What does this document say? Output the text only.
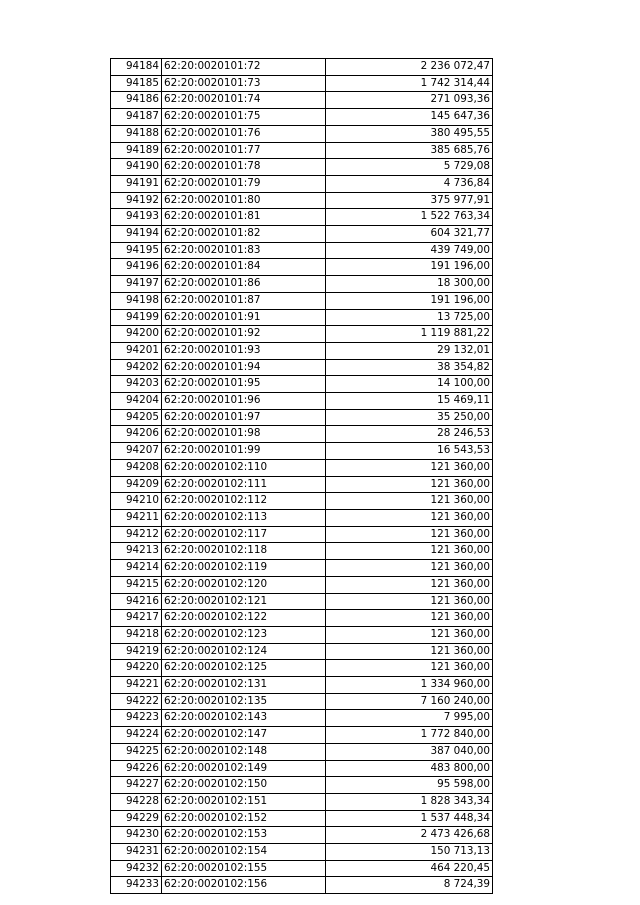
94184	62:20:0020101:72	2 236 072,47
94185	62:20:0020101:73	1 742 314,44
94186	62:20:0020101:74	271 093,36
94187	62:20:0020101:75	145 647,36
94188	62:20:0020101:76	380 495,55
94189	62:20:0020101:77	385 685,76
94190	62:20:0020101:78	5 729,08
94191	62:20:0020101:79	4 736,84
94192	62:20:0020101:80	375 977,91
94193	62:20:0020101:81	1 522 763,34
94194	62:20:0020101:82	604 321,77
94195	62:20:0020101:83	439 749,00
94196	62:20:0020101:84	191 196,00
94197	62:20:0020101:86	18 300,00
94198	62:20:0020101:87	191 196,00
94199	62:20:0020101:91	13 725,00
94200	62:20:0020101:92	1 119 881,22
94201	62:20:0020101:93	29 132,01
94202	62:20:0020101:94	38 354,82
94203	62:20:0020101:95	14 100,00
94204	62:20:0020101:96	15 469,11
94205	62:20:0020101:97	35 250,00
94206	62:20:0020101:98	28 246,53
94207	62:20:0020101:99	16 543,53
94208	62:20:0020102:110	121 360,00
94209	62:20:0020102:111	121 360,00
94210	62:20:0020102:112	121 360,00
94211	62:20:0020102:113	121 360,00
94212	62:20:0020102:117	121 360,00
94213	62:20:0020102:118	121 360,00
94214	62:20:0020102:119	121 360,00
94215	62:20:0020102:120	121 360,00
94216	62:20:0020102:121	121 360,00
94217	62:20:0020102:122	121 360,00
94218	62:20:0020102:123	121 360,00
94219	62:20:0020102:124	121 360,00
94220	62:20:0020102:125	121 360,00
94221	62:20:0020102:131	1 334 960,00
94222	62:20:0020102:135	7 160 240,00
94223	62:20:0020102:143	7 995,00
94224	62:20:0020102:147	1 772 840,00
94225	62:20:0020102:148	387 040,00
94226	62:20:0020102:149	483 800,00
94227	62:20:0020102:150	95 598,00
94228	62:20:0020102:151	1 828 343,34
94229	62:20:0020102:152	1 537 448,34
94230	62:20:0020102:153	2 473 426,68
94231	62:20:0020102:154	150 713,13
94232	62:20:0020102:155	464 220,45
94233	62:20:0020102:156	8 724,39
